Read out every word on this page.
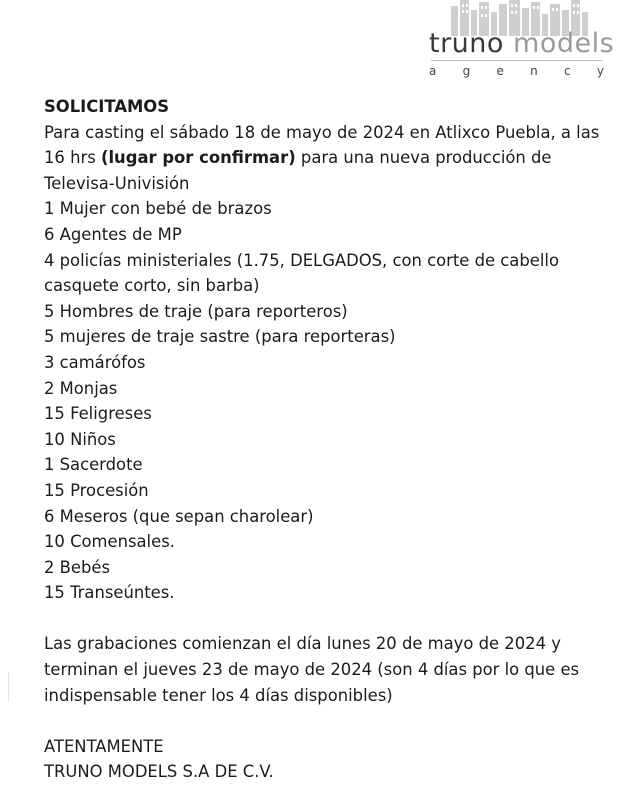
truno models
a g e n c y

SOLICITAMOS

Para casting el sábado 18 de mayo de 2024 en Atlixco Puebla, a las 16 hrs (lugar por confirmar) para una nueva producción de Televisa-Univisión

1 Mujer con bebé de brazos

6 Agentes de MP

4 policías ministeriales (1.75, DELGADOS, con corte de cabello casquete corto, sin barba)

5 Hombres de traje (para reporteros)

5 mujeres de traje sastre (para reporteras)

3 camárófos

2 Monjas

15 Feligreses

10 Niños

1 Sacerdote

15 Procesión

6 Meseros (que sepan charolear)

10 Comensales.

2 Bebés

15 Transeúntes.

Las grabaciones comienzan el día lunes 20 de mayo de 2024 y terminan el jueves 23 de mayo de 2024 (son 4 días por lo que es indispensable tener los 4 días disponibles)

ATENTAMENTE

TRUNO MODELS S.A DE C.V.
